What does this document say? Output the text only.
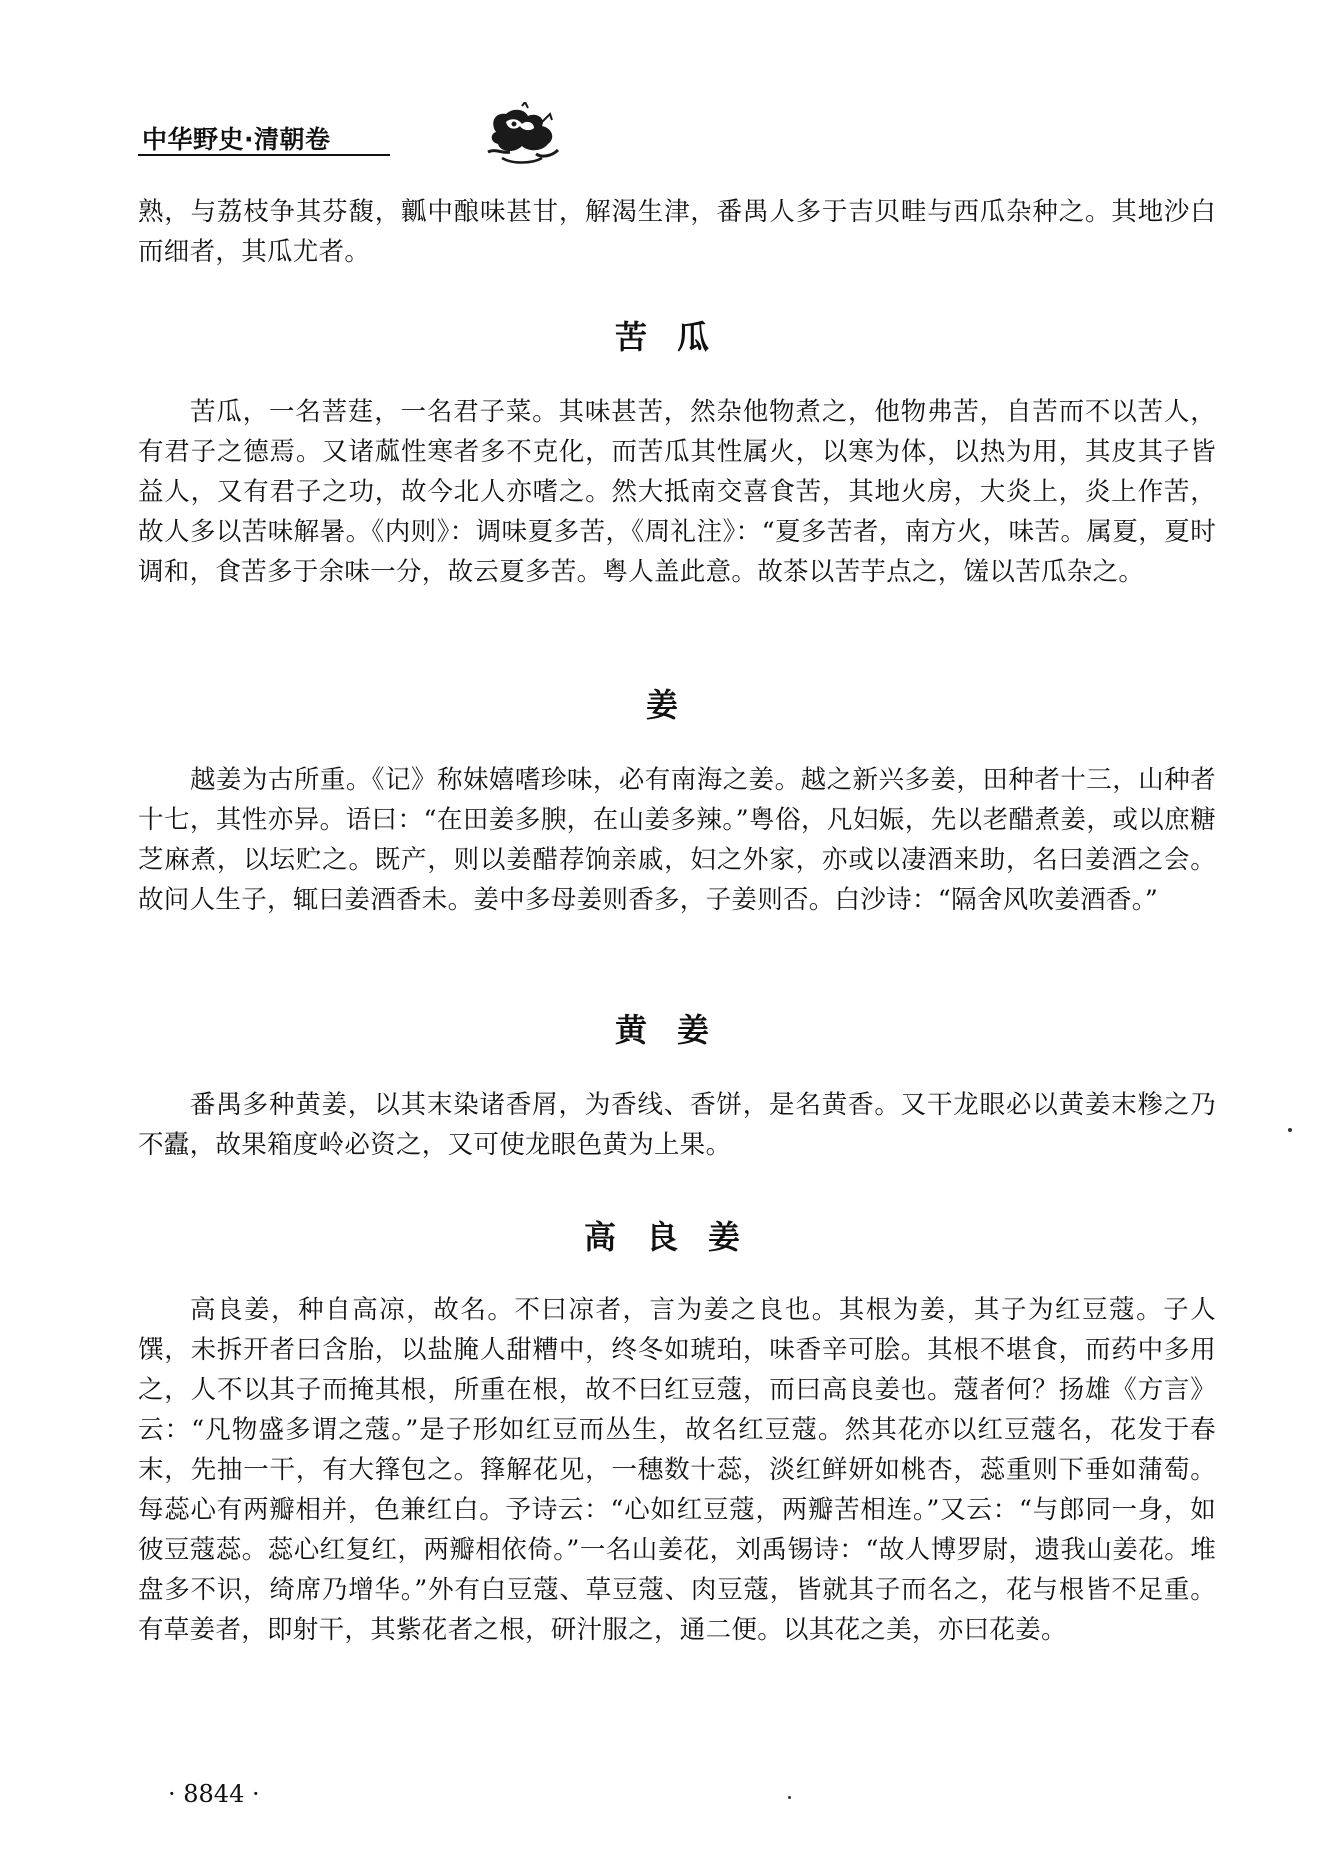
中华野史·清朝卷

熟，与荔枝争其芬馥，瓤中酿味甚甘，解渴生津，番禺人多于吉贝畦与西瓜杂种之。其地沙白而细者，其瓜尤者。

苦瓜

苦瓜，一名菩莛，一名君子菜。其味甚苦，然杂他物煮之，他物弗苦，自苦而不以苦人，有君子之德焉。又诸蓏性寒者多不克化，而苦瓜其性属火，以寒为体，以热为用，其皮其子皆益人，又有君子之功，故今北人亦嗜之。然大抵南交喜食苦，其地火房，大炎上，炎上作苦，故人多以苦味解暑。《内则》：调味夏多苦，《周礼注》：“夏多苦者，南方火，味苦。属夏，夏时调和，食苦多于余味一分，故云夏多苦。粤人盖此意。故茶以苦芋点之，馐以苦瓜杂之。

姜

越姜为古所重。《记》称妹嬉嗜珍味，必有南海之姜。越之新兴多姜，田种者十三，山种者十七，其性亦异。语曰：“在田姜多腴，在山姜多辣。”粤俗，凡妇娠，先以老醋煮姜，或以庶糖芝麻煮，以坛贮之。既产，则以姜醋荐饷亲戚，妇之外家，亦或以凄酒来助，名曰姜酒之会。故问人生子，辄曰姜酒香未。姜中多母姜则香多，子姜则否。白沙诗：“隔舍风吹姜酒香。”

黄姜

番禺多种黄姜，以其末染诸香屑，为香线、香饼，是名黄香。又干龙眼必以黄姜末糁之乃不蠹，故果箱度岭必资之，又可使龙眼色黄为上果。

高良姜

高良姜，种自高凉，故名。不曰凉者，言为姜之良也。其根为姜，其子为红豆蔻。子人馔，未拆开者曰含胎，以盐腌人甜糟中，终冬如琥珀，味香辛可脍。其根不堪食，而药中多用之，人不以其子而掩其根，所重在根，故不曰红豆蔻，而曰高良姜也。蔻者何？扬雄《方言》云：“凡物盛多谓之蔻。”是子形如红豆而丛生，故名红豆蔻。然其花亦以红豆蔻名，花发于春末，先抽一干，有大箨包之。箨解花见，一穗数十蕊，淡红鲜妍如桃杏，蕊重则下垂如蒲萄。每蕊心有两瓣相并，色兼红白。予诗云：“心如红豆蔻，两瓣苦相连。”又云：“与郎同一身，如彼豆蔻蕊。蕊心红复红，两瓣相依倚。”一名山姜花，刘禹锡诗：“故人博罗尉，遗我山姜花。堆盘多不识，绮席乃增华。”外有白豆蔻、草豆蔻、肉豆蔻，皆就其子而名之，花与根皆不足重。有草姜者，即射干，其紫花者之根，研汁服之，通二便。以其花之美，亦曰花姜。

· 8844 ·
